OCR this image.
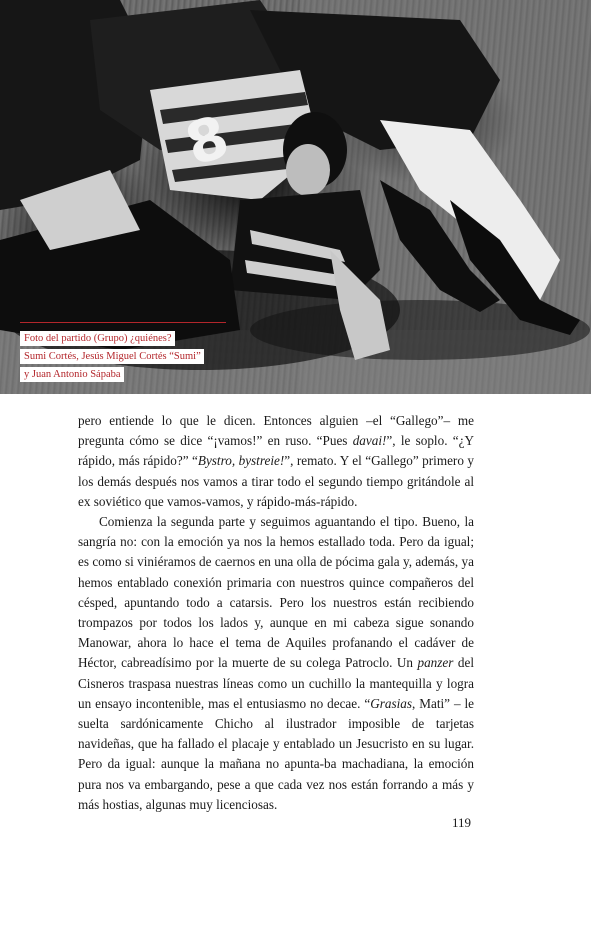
8
Foto del partido (Grupo) ¿quiénes?
Sumi Cortés, Jesús Miguel Cortés “Sumi”
y Juan Antonio Sápaba

pero entiende lo que le dicen. Entonces alguien –el “Gallego”– me pregunta cómo se dice “¡vamos!” en ruso. “Pues davai!”, le soplo. “¿Y rápido, más rápido?” “Bystro, bystreie!”, remato. Y el “Gallego” primero y los demás después nos vamos a tirar todo el segundo tiempo gritándole al ex soviético que vamos-vamos, y rápido-más-rápido.

Comienza la segunda parte y seguimos aguantando el tipo. Bueno, la sangría no: con la emoción ya nos la hemos estallado toda. Pero da igual; es como si viniéramos de caernos en una olla de pócima gala y, además, ya hemos entablado conexión primaria con nuestros quince compañeros del césped, apuntando todo a catarsis. Pero los nuestros están recibiendo trompazos por todos los lados y, aunque en mi cabeza sigue sonando Manowar, ahora lo hace el tema de Aquiles profanando el cadáver de Héctor, cabreadísimo por la muerte de su colega Patroclo. Un panzer del Cisneros traspasa nuestras líneas como un cuchillo la mantequilla y logra un ensayo incontenible, mas el entusiasmo no decae. “Grasias, Mati” – le suelta sardónicamente Chicho al ilustrador imposible de tarjetas navideñas, que ha fallado el placaje y entablado un Jesucristo en su lugar. Pero da igual: aunque la mañana no apunta-ba machadiana, la emoción pura nos va embargando, pese a que cada vez nos están forrando a más y más hostias, algunas muy licenciosas.

119
